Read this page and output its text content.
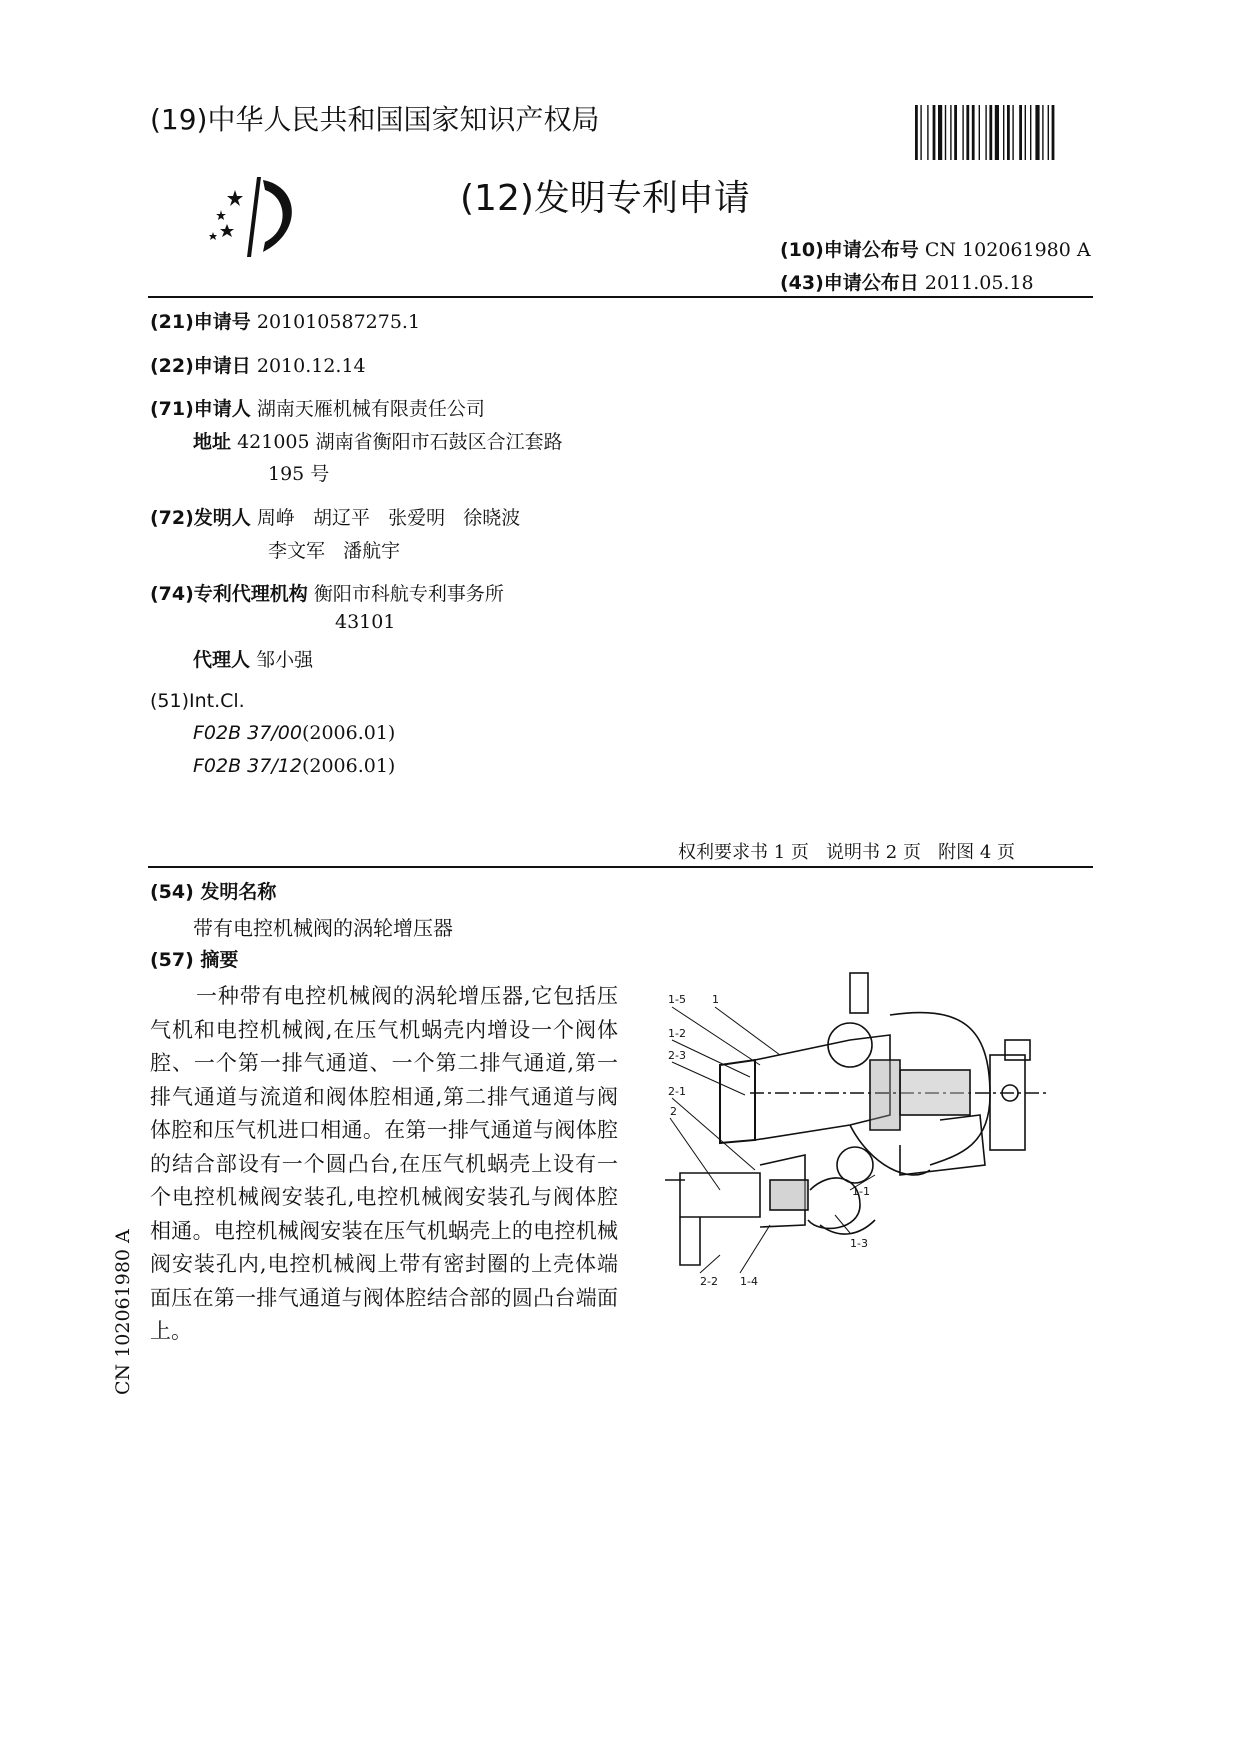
(19)中华人民共和国国家知识产权局
(12)发明专利申请
(10)申请公布号 CN 102061980 A
(43)申请公布日 2011.05.18
(21)申请号 201010587275.1
(22)申请日 2010.12.14
(71)申请人 湖南天雁机械有限责任公司
地址 421005 湖南省衡阳市石鼓区合江套路
195 号
(72)发明人 周峥   胡辽平   张爱明   徐晓波
李文军   潘航宇
(74)专利代理机构 衡阳市科航专利事务所
43101
代理人 邹小强
(51)Int.Cl.
F02B 37/00(2006.01)
F02B 37/12(2006.01)
权利要求书 1 页   说明书 2 页   附图 4 页
(54) 发明名称
带有电控机械阀的涡轮增压器
(57) 摘要
一种带有电控机械阀的涡轮增压器,它包括压气机和电控机械阀,在压气机蜗壳内增设一个阀体腔、一个第一排气通道、一个第二排气通道,第一排气通道与流道和阀体腔相通,第二排气通道与阀体腔和压气机进口相通。在第一排气通道与阀体腔的结合部设有一个圆凸台,在压气机蜗壳上设有一个电控机械阀安装孔,电控机械阀安装孔与阀体腔相通。电控机械阀安装在压气机蜗壳上的电控机械阀安装孔内,电控机械阀上带有密封圈的上壳体端面压在第一排气通道与阀体腔结合部的圆凸台端面上。
1-5 1
1-2
2-3
2-1
2
1-1
1-3
2-2 1-4
CN 102061980 A
